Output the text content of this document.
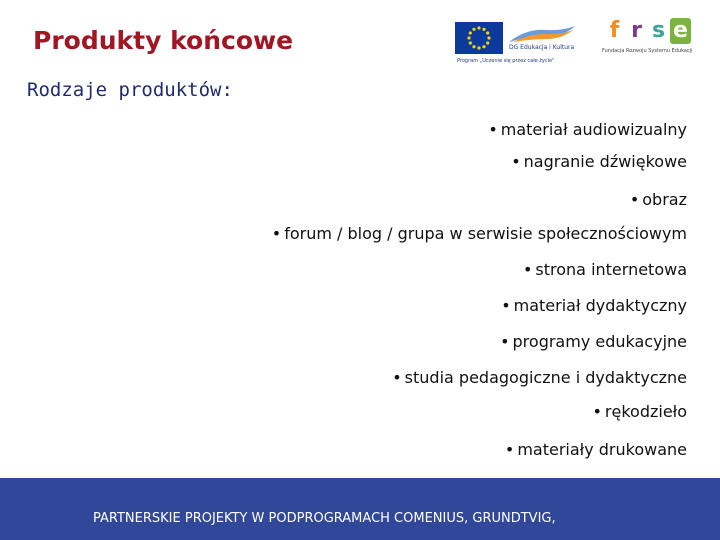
Produkty końcowe
Rodzaje produktów:
DG Edukacja i Kultura
Program „Uczenie się przez całe życie"
f r s e
Fundacja Rozwoju Systemu Edukacji
• materiał audiowizualny
• nagranie dźwiękowe
• obraz
• forum / blog / grupa w serwisie społecznościowym
• strona internetowa
• materiał dydaktyczny
• programy edukacyjne
• studia pedagogiczne i dydaktyczne
• rękodzieło
• materiały drukowane
PARTNERSKIE PROJEKTY W PODPROGRAMACH COMENIUS, GRUNDTVIG,
